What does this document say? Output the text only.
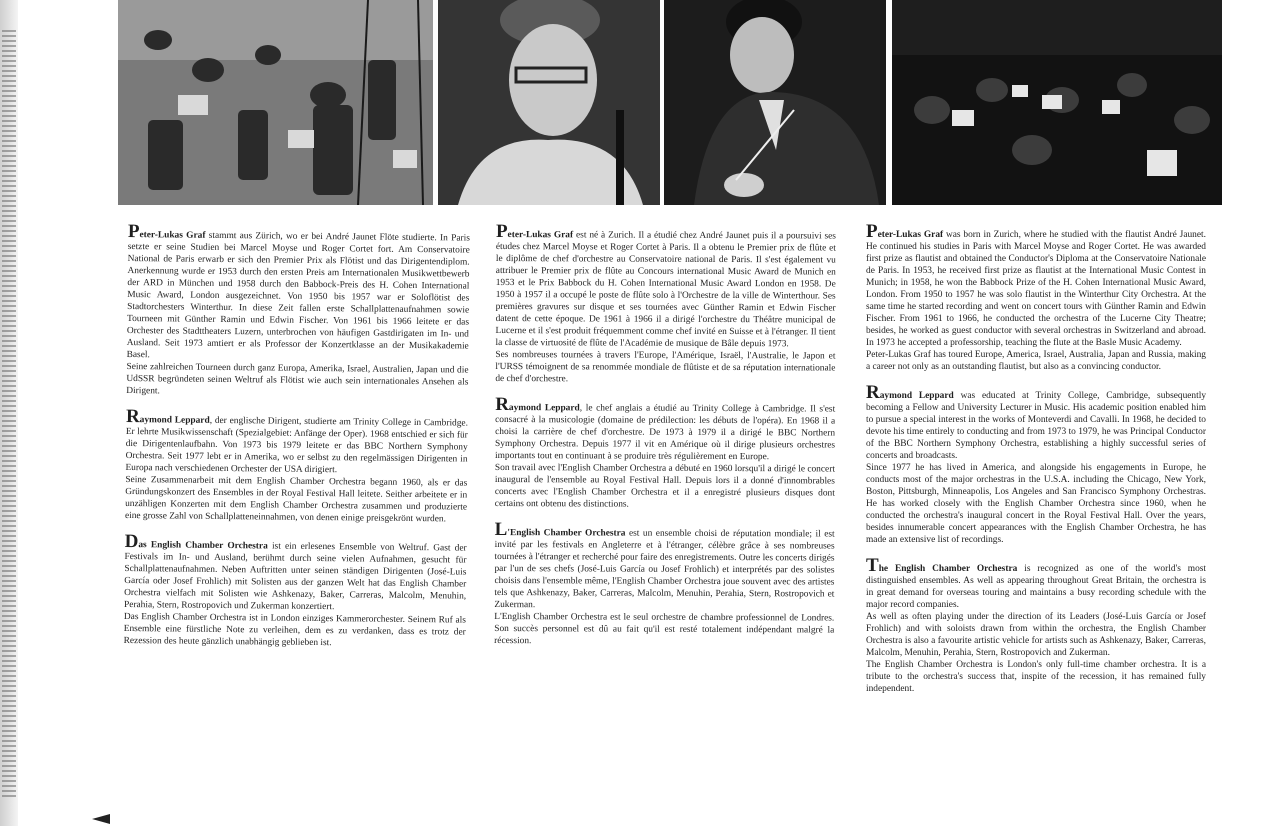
Peter-Lukas Graf stammt aus Zürich, wo er bei André Jaunet Flöte studierte. In Paris setzte er seine Studien bei Marcel Moyse und Roger Cortet fort. Am Conservatoire National de Paris erwarb er sich den Premier Prix als Flötist und das Dirigentendiplom. Anerkennung wurde er 1953 durch den ersten Preis am Internationalen Musikwettbewerb der ARD in München und 1958 durch den Babbock-Preis des H. Cohen International Music Award, London ausgezeichnet. Von 1950 bis 1957 war er Soloflötist des Stadtorchesters Winterthur. In diese Zeit fallen erste Schallplattenaufnahmen sowie Tourneen mit Günther Ramin und Edwin Fischer. Von 1961 bis 1966 leitete er das Orchester des Stadttheaters Luzern, unterbrochen von häufigen Gastdirigaten im In- und Ausland. Seit 1973 amtiert er als Professor der Konzertklasse an der Musikakademie Basel.

Seine zahlreichen Tourneen durch ganz Europa, Amerika, Israel, Australien, Japan und die UdSSR begründeten seinen Weltruf als Flötist wie auch sein internationales Ansehen als Dirigent.

Raymond Leppard, der englische Dirigent, studierte am Trinity College in Cambridge. Er lehrte Musikwissenschaft (Spezialgebiet: Anfänge der Oper). 1968 entschied er sich für die Dirigentenlaufbahn. Von 1973 bis 1979 leitete er das BBC Northern Symphony Orchestra. Seit 1977 lebt er in Amerika, wo er selbst zu den regelmässigen Dirigenten in Europa nach verschiedenen Orchester der USA dirigiert.

Seine Zusammenarbeit mit dem English Chamber Orchestra begann 1960, als er das Gründungskonzert des Ensembles in der Royal Festival Hall leitete. Seither arbeitete er in unzähligen Konzerten mit dem English Chamber Orchestra zusammen und produzierte eine grosse Zahl von Schallplatteneinnahmen, von denen einige preisgekrönt wurden.

Das English Chamber Orchestra ist ein erlesenes Ensemble von Weltruf. Gast der Festivals im In- und Ausland, berühmt durch seine vielen Aufnahmen, gesucht für Schallplattenaufnahmen. Neben Auftritten unter seinen ständigen Dirigenten (José-Luis García oder Josef Frohlich) mit Solisten aus der ganzen Welt hat das English Chamber Orchestra vielfach mit Solisten wie Ashkenazy, Baker, Carreras, Malcolm, Menuhin, Perahia, Stern, Rostropovich und Zukerman konzertiert.

Das English Chamber Orchestra ist in London einziges Kammerorchester. Seinem Ruf als Ensemble eine fürstliche Note zu verleihen, dem es zu verdanken, dass es trotz der Rezession des heute gänzlich unabhängig geblieben ist.

Peter-Lukas Graf est né à Zurich. Il a étudié chez André Jaunet puis il a poursuivi ses études chez Marcel Moyse et Roger Cortet à Paris. Il a obtenu le Premier prix de flûte et le diplôme de chef d'orchestre au Conservatoire national de Paris. Il s'est également vu attribuer le Premier prix de flûte au Concours international Music Award de Munich en 1953 et le Prix Babbock du H. Cohen International Music Award London en 1958. De 1950 à 1957 il a occupé le poste de flûte solo à l'Orchestre de la ville de Winterthour. Ses premières gravures sur disque et ses tournées avec Günther Ramin et Edwin Fischer datent de cette époque. De 1961 à 1966 il a dirigé l'orchestre du Théâtre municipal de Lucerne et il s'est produit fréquemment comme chef invité en Suisse et à l'étranger. Il tient la classe de virtuosité de flûte de l'Académie de musique de Bâle depuis 1973.

Ses nombreuses tournées à travers l'Europe, l'Amérique, Israël, l'Australie, le Japon et l'URSS témoignent de sa renommée mondiale de flûtiste et de sa réputation internationale de chef d'orchestre.

Raymond Leppard, le chef anglais a étudié au Trinity College à Cambridge. Il s'est consacré à la musicologie (domaine de prédilection: les débuts de l'opéra). En 1968 il a choisi la carrière de chef d'orchestre. De 1973 à 1979 il a dirigé le BBC Northern Symphony Orchestra. Depuis 1977 il vit en Amérique où il dirige plusieurs orchestres importants tout en continuant à se produire très régulièrement en Europe.

Son travail avec l'English Chamber Orchestra a débuté en 1960 lorsqu'il a dirigé le concert inaugural de l'ensemble au Royal Festival Hall. Depuis lors il a donné d'innombrables concerts avec l'English Chamber Orchestra et il a enregistré plusieurs disques dont certains ont obtenu des distinctions.

L'English Chamber Orchestra est un ensemble choisi de réputation mondiale; il est invité par les festivals en Angleterre et à l'étranger, célèbre grâce à ses nombreuses tournées à l'étranger et recherché pour faire des enregistrements. Outre les concerts dirigés par l'un de ses chefs (José-Luis García ou Josef Frohlich) et interprétés par des solistes choisis dans l'ensemble même, l'English Chamber Orchestra joue souvent avec des artistes tels que Ashkenazy, Baker, Carreras, Malcolm, Menuhin, Perahia, Stern, Rostropovich et Zukerman.

L'English Chamber Orchestra est le seul orchestre de chambre professionnel de Londres. Son succès personnel est dû au fait qu'il est resté totalement indépendant malgré la récession.

Peter-Lukas Graf was born in Zurich, where he studied with the flautist André Jaunet. He continued his studies in Paris with Marcel Moyse and Roger Cortet. He was awarded first prize as flautist and obtained the Conductor's Diploma at the Conservatoire Nationale de Paris. In 1953, he received first prize as flautist at the International Music Contest in Munich; in 1958, he won the Babbock Prize of the H. Cohen International Music Award, London. From 1950 to 1957 he was solo flautist in the Winterthur City Orchestra. At the same time he started recording and went on concert tours with Günther Ramin and Edwin Fischer. From 1961 to 1966, he conducted the orchestra of the Lucerne City Theatre; besides, he worked as guest conductor with several orchestras in Switzerland and abroad. In 1973 he accepted a professorship, teaching the flute at the Basle Music Academy.

Peter-Lukas Graf has toured Europe, America, Israel, Australia, Japan and Russia, making a career not only as an outstanding flautist, but also as a convincing conductor.

Raymond Leppard was educated at Trinity College, Cambridge, subsequently becoming a Fellow and University Lecturer in Music. His academic position enabled him to pursue a special interest in the works of Monteverdi and Cavalli. In 1968, he decided to devote his time entirely to conducting and from 1973 to 1979, he was Principal Conductor of the BBC Northern Symphony Orchestra, establishing a highly successful series of concerts and broadcasts.

Since 1977 he has lived in America, and alongside his engagements in Europe, he conducts most of the major orchestras in the U.S.A. including the Chicago, New York, Boston, Pittsburgh, Minneapolis, Los Angeles and San Francisco Symphony Orchestras. He has worked closely with the English Chamber Orchestra since 1960, when he conducted the orchestra's inaugural concert in the Royal Festival Hall. Over the years, besides innumerable concert appearances with the English Chamber Orchestra, he has made an extensive list of recordings.

The English Chamber Orchestra is recognized as one of the world's most distinguished ensembles. As well as appearing throughout Great Britain, the orchestra is in great demand for overseas touring and maintains a busy recording schedule with the major record companies.

As well as often playing under the direction of its Leaders (José-Luis García or Josef Frohlich) and with soloists drawn from within the orchestra, the English Chamber Orchestra is also a favourite artistic vehicle for artists such as Ashkenazy, Baker, Carreras, Malcolm, Menuhin, Perahia, Stern, Rostropovich and Zukerman.

The English Chamber Orchestra is London's only full-time chamber orchestra. It is a tribute to the orchestra's success that, inspite of the recession, it has remained fully independent.
